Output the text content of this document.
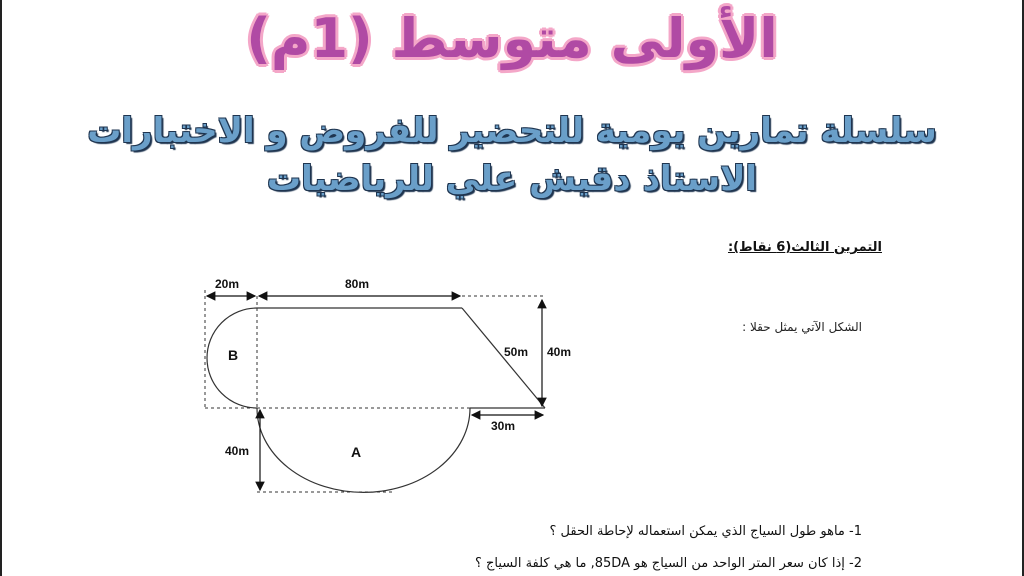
الأولى متوسط (1م)
سلسلة تمارين يومية للتحضير للفروض و الاختبارات
الاستاذ دقيش علي للرياضيات
التمرين الثالث(6 نقاط):
الشكل الآتي يمثل حقلا :
20m	80m
50m 40m
30m
40m
B
A
1- ماهو طول السياج الذي يمكن استعماله لإحاطة الحقل ؟
2- إذا كان سعر المتر الواحد من السياج هو 85DA, ما هي كلفة السياج ؟
